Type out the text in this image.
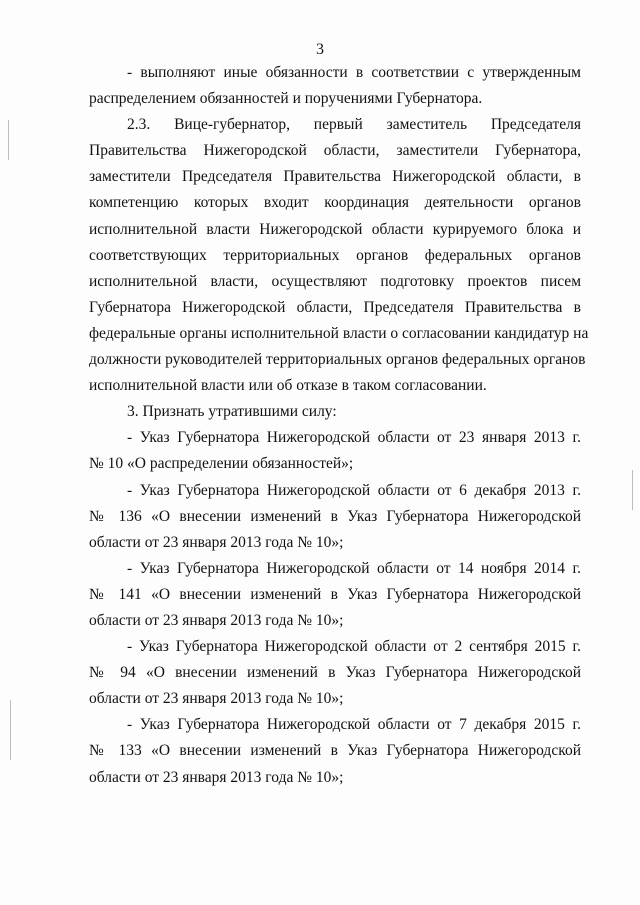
3
- выполняют иные обязанности в соответствии с утвержденным
распределением обязанностей и поручениями Губернатора.
2.3. Вице-губернатор, первый заместитель Председателя
Правительства Нижегородской области, заместители Губернатора,
заместители Председателя Правительства Нижегородской области, в
компетенцию которых входит координация деятельности органов
исполнительной власти Нижегородской области курируемого блока и
соответствующих территориальных органов федеральных органов
исполнительной власти, осуществляют подготовку проектов писем
Губернатора Нижегородской области, Председателя Правительства в
федеральные органы исполнительной власти о согласовании кандидатур на
должности руководителей территориальных органов федеральных органов
исполнительной власти или об отказе в таком согласовании.
3. Признать утратившими силу:
- Указ Губернатора Нижегородской области от 23 января 2013 г.
№ 10 «О распределении обязанностей»;
- Указ Губернатора Нижегородской области от 6 декабря 2013 г.
№ 136 «О внесении изменений в Указ Губернатора Нижегородской
области от 23 января 2013 года № 10»;
- Указ Губернатора Нижегородской области от 14 ноября 2014 г.
№ 141 «О внесении изменений в Указ Губернатора Нижегородской
области от 23 января 2013 года № 10»;
- Указ Губернатора Нижегородской области от 2 сентября 2015 г.
№ 94 «О внесении изменений в Указ Губернатора Нижегородской
области от 23 января 2013 года № 10»;
- Указ Губернатора Нижегородской области от 7 декабря 2015 г.
№ 133 «О внесении изменений в Указ Губернатора Нижегородской
области от 23 января 2013 года № 10»;
